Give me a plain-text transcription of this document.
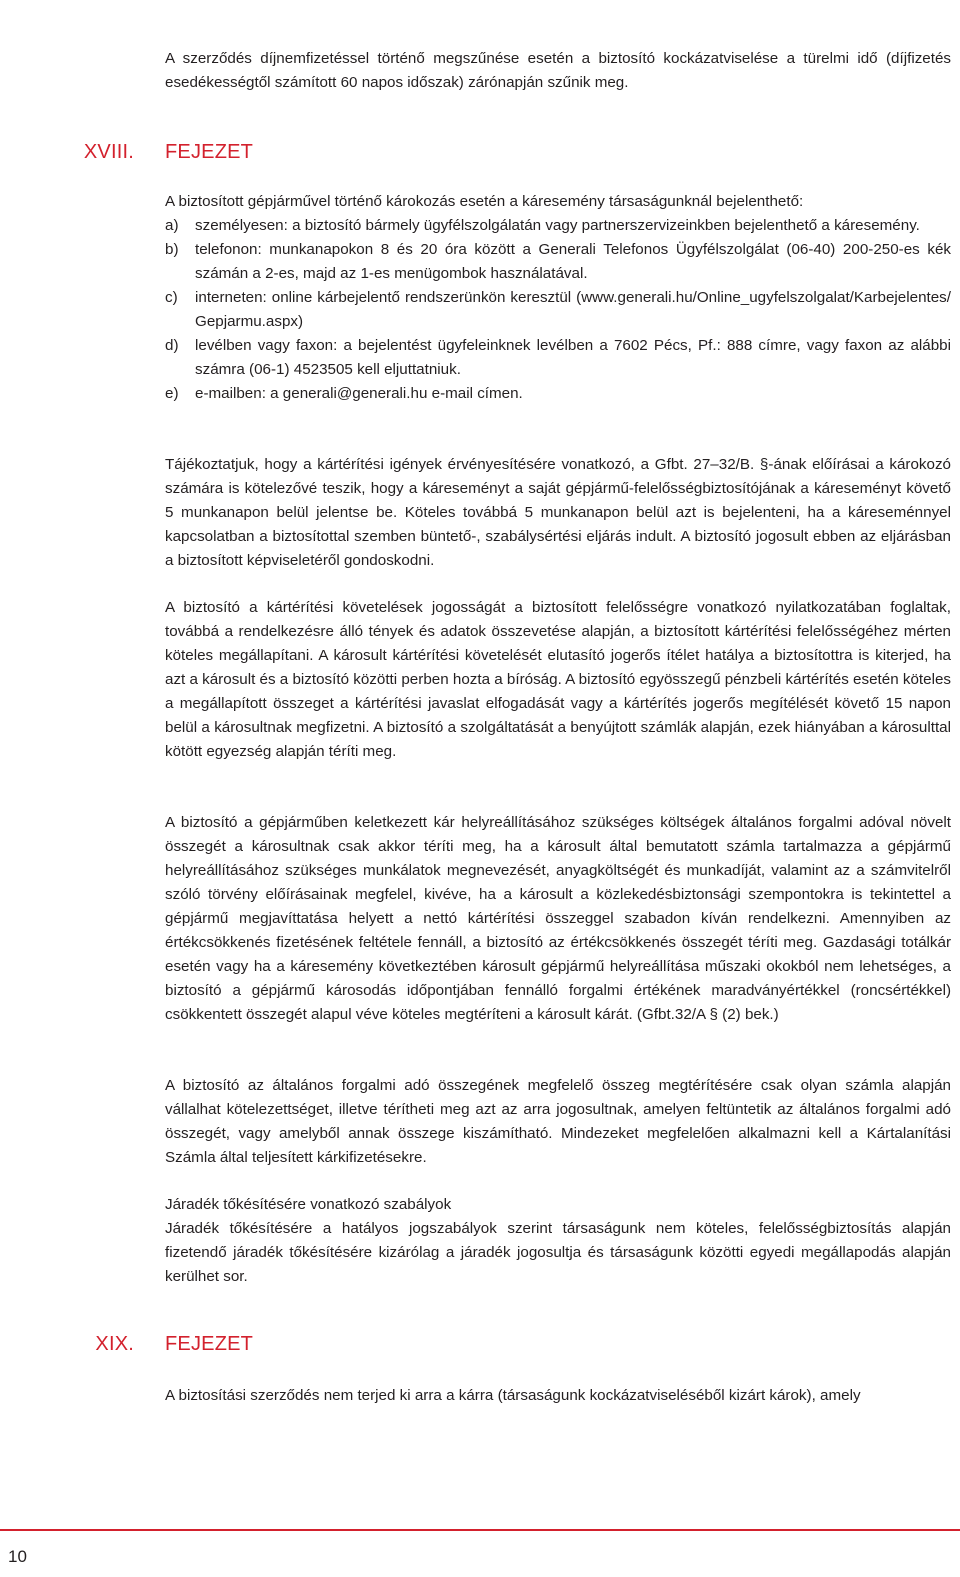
A szerződés díjnemfizetéssel történő megszűnése esetén a biztosító kockázatviselése a türelmi idő (díjfizetés esedékességtől számított 60 napos időszak) zárónapján szűnik meg.

XVIII. FEJEZET

A biztosított gépjárművel történő károkozás esetén a káresemény társaságunknál bejelenthető:

a)	személyesen: a biztosító bármely ügyfélszolgálatán vagy partnerszervizeinkben bejelenthető a káresemény.
b)	telefonon: munkanapokon 8 és 20 óra között a Generali Telefonos Ügyfélszolgálat (06-40) 200-250-es kék számán a 2-es, majd az 1-es menügombok használatával.
c)	interneten: online kárbejelentő rendszerünkön keresztül (www.generali.hu/Online_ugyfelszolgalat/Karbejelentes/Gepjarmu.aspx)
d)	levélben vagy faxon: a bejelentést ügyfeleinknek levélben a 7602 Pécs, Pf.: 888 címre, vagy faxon az alábbi számra (06-1) 4523505 kell eljuttatniuk.
e)	e-mailben: a generali@generali.hu e-mail címen.

Tájékoztatjuk, hogy a kártérítési igények érvényesítésére vonatkozó, a Gfbt. 27–32/B. §-ának előírásai a károkozó számára is kötelezővé teszik, hogy a káreseményt a saját gépjármű-felelősségbiztosítójának a káreseményt követő 5 munkanapon belül jelentse be. Köteles továbbá 5 munkanapon belül azt is bejelenteni, ha a káreseménnyel kapcsolatban a biztosítottal szemben büntető-, szabálysértési eljárás indult. A biztosító jogosult ebben az eljárásban a biztosított képviseletéről gondoskodni.

A biztosító a kártérítési követelések jogosságát a biztosított felelősségre vonatkozó nyilatkozatában foglaltak, továbbá a rendelkezésre álló tények és adatok összevetése alapján, a biztosított kártérítési felelősségéhez mérten köteles megállapítani. A károsult kártérítési követelését elutasító jogerős ítélet hatálya a biztosítottra is kiterjed, ha azt a károsult és a biztosító közötti perben hozta a bíróság. A biztosító egyösszegű pénzbeli kártérítés esetén köteles a megállapított összeget a kártérítési javaslat elfogadását vagy a kártérítés jogerős megítélését követő 15 napon belül a károsultnak megfizetni. A biztosító a szolgáltatását a benyújtott számlák alapján, ezek hiányában a károsulttal kötött egyezség alapján téríti meg.

A biztosító a gépjárműben keletkezett kár helyreállításához szükséges költségek általános forgalmi adóval növelt összegét a károsultnak csak akkor téríti meg, ha a károsult által bemutatott számla tartalmazza a gépjármű helyreállításához szükséges munkálatok megnevezését, anyagköltségét és munkadíját, valamint az a számvitelről szóló törvény előírásainak megfelel, kivéve, ha a károsult a közlekedésbiztonsági szempontokra is tekintettel a gépjármű megjavíttatása helyett a nettó kártérítési összeggel szabadon kíván rendelkezni. Amennyiben az értékcsökkenés fizetésének feltétele fennáll, a biztosító az értékcsökkenés összegét téríti meg. Gazdasági totálkár esetén vagy ha a káresemény következtében károsult gépjármű helyreállítása műszaki okokból nem lehetséges, a biztosító a gépjármű károsodás időpontjában fennálló forgalmi értékének maradványértékkel (roncsértékkel) csökkentett összegét alapul véve köteles megtéríteni a károsult kárát. (Gfbt.32/A § (2) bek.)

A biztosító az általános forgalmi adó összegének megfelelő összeg megtérítésére csak olyan számla alapján vállalhat kötelezettséget, illetve térítheti meg azt az arra jogosultnak, amelyen feltüntetik az általános forgalmi adó összegét, vagy amelyből annak összege kiszámítható. Mindezeket megfelelően alkalmazni kell a Kártalanítási Számla által teljesített kárkifizetésekre.

Járadék tőkésítésére vonatkozó szabályok

Járadék tőkésítésére a hatályos jogszabályok szerint társaságunk nem köteles, felelősségbiztosítás alapján fizetendő járadék tőkésítésére kizárólag a járadék jogosultja és társaságunk közötti egyedi megállapodás alapján kerülhet sor.

XIX. FEJEZET

A biztosítási szerződés nem terjed ki arra a kárra (társaságunk kockázatviseléséből kizárt károk), amely

10
